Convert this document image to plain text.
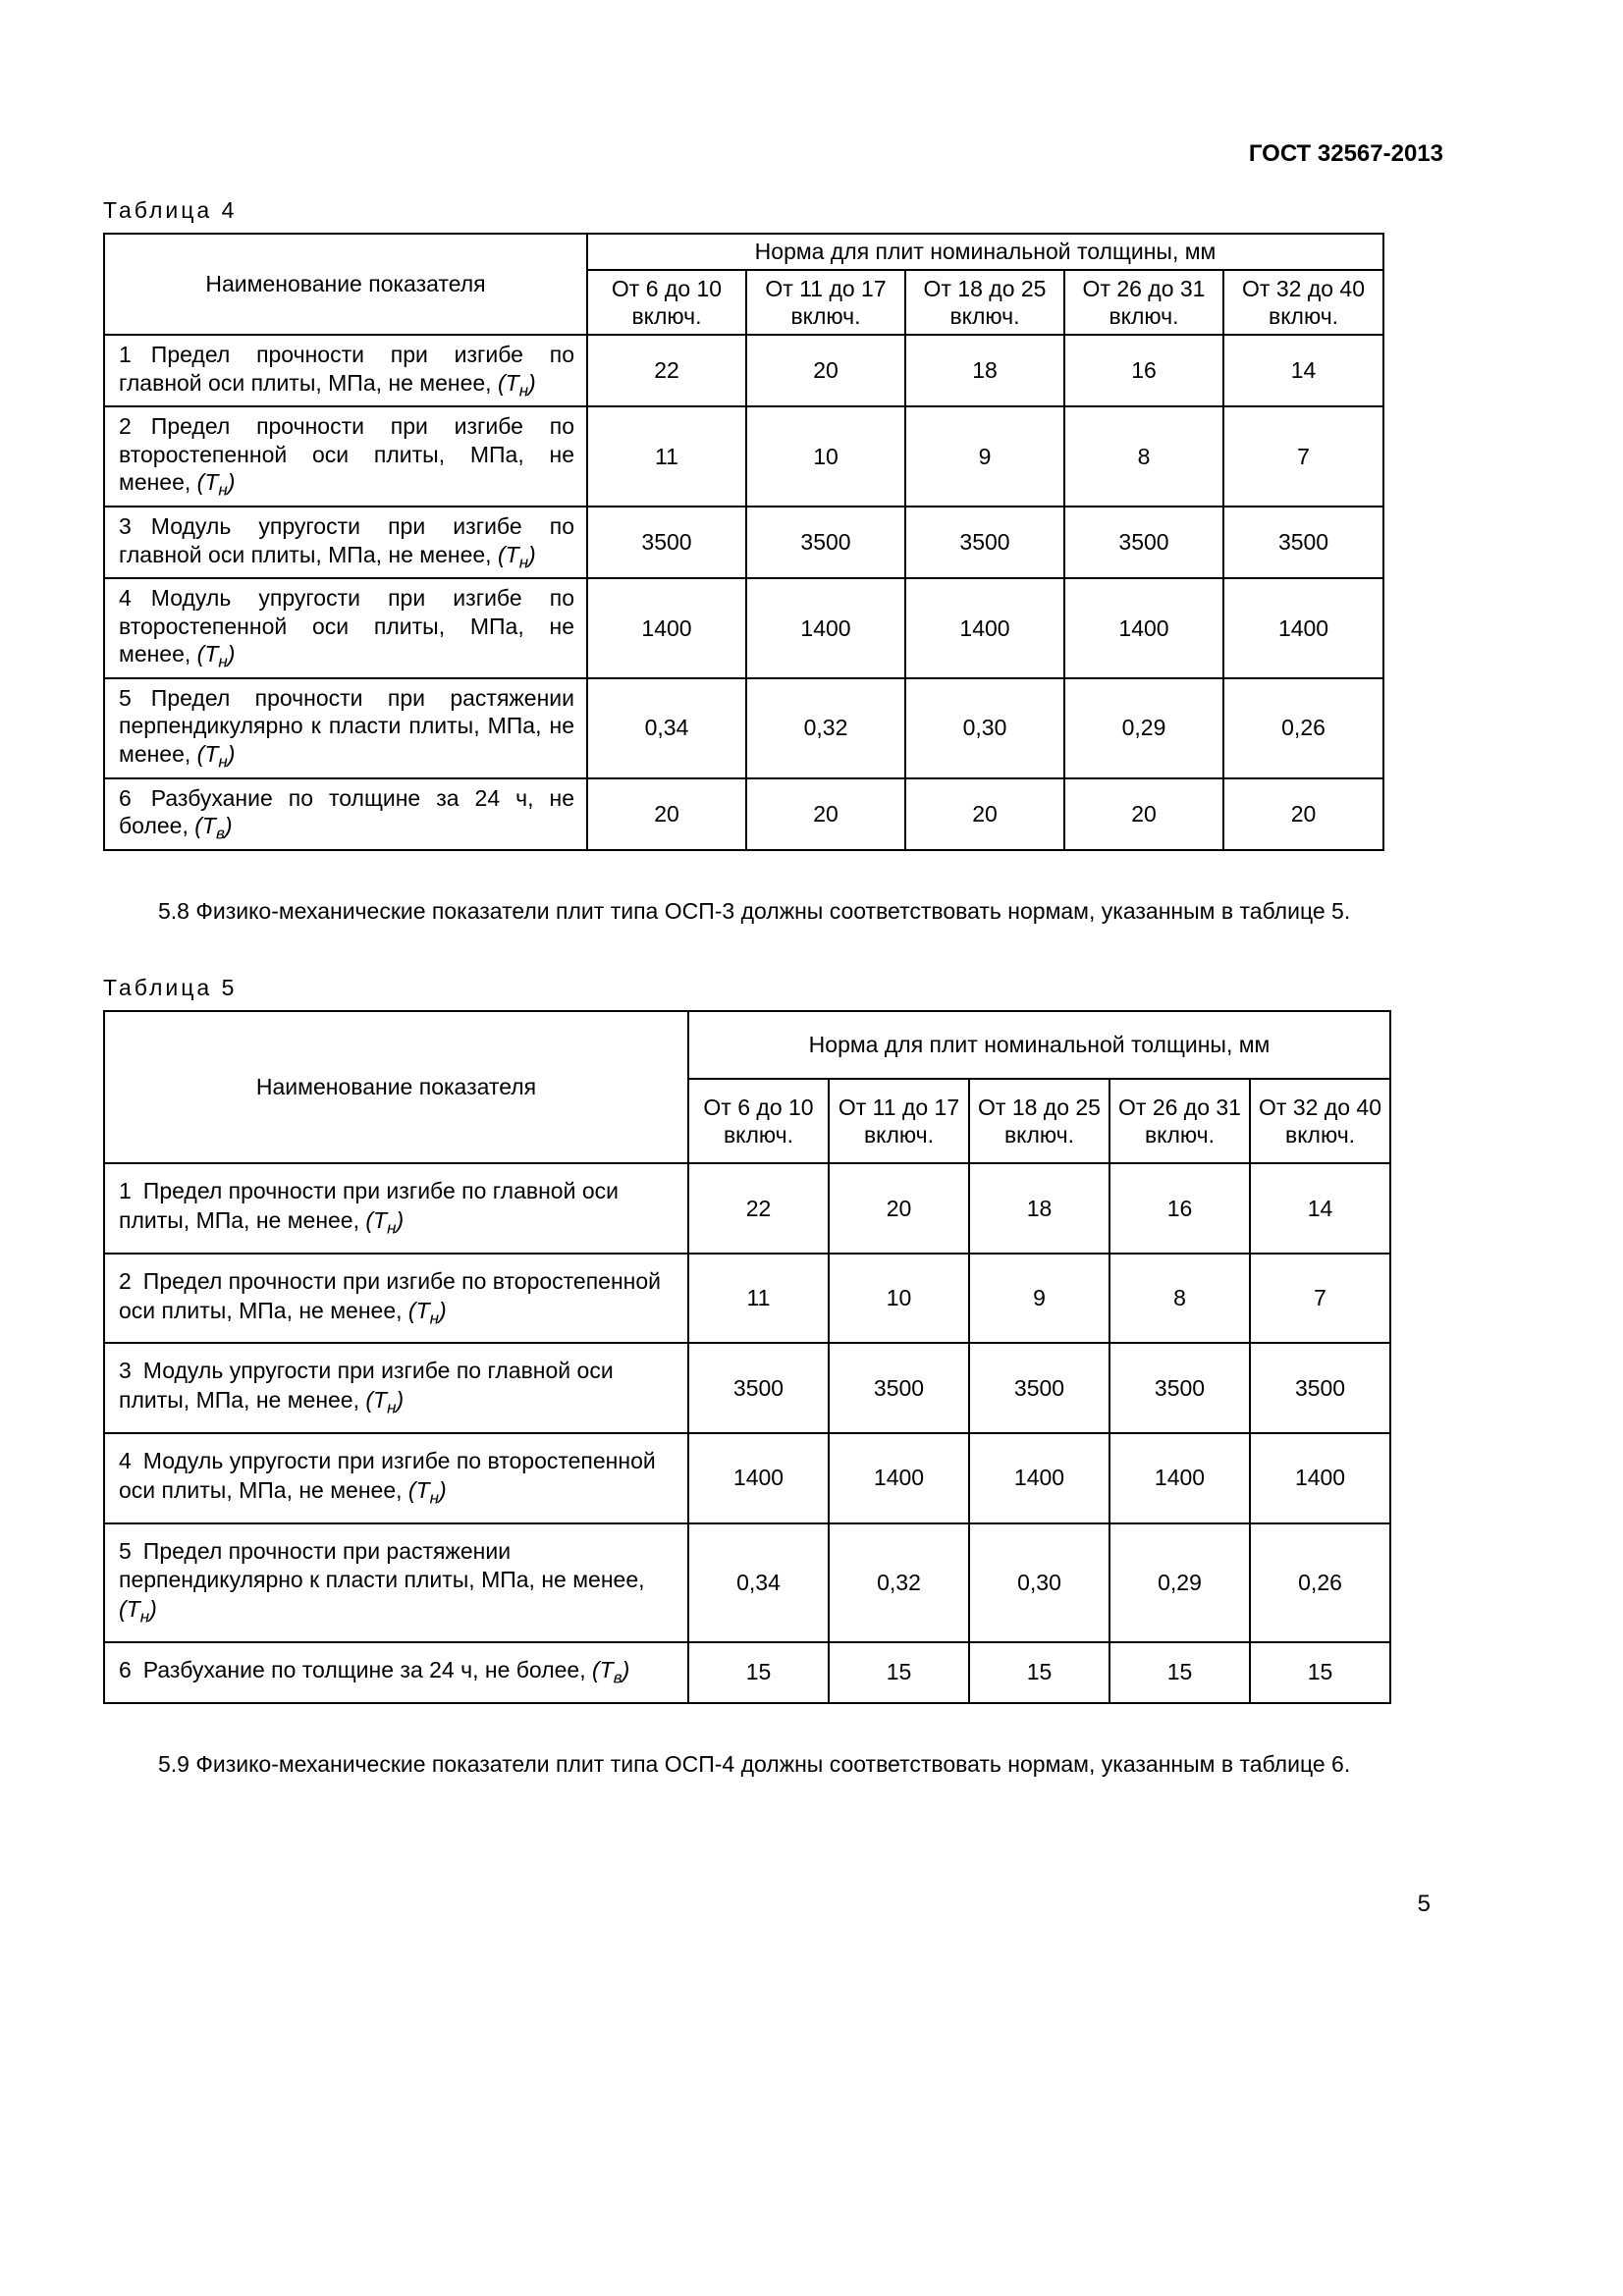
ГОСТ 32567-2013
Таблица 4
Наименование показателя	Норма для плит номинальной толщины, мм				
	От 6 до 10 включ.	От 11 до 17 включ.	От 18 до 25 включ.	От 26 до 31 включ.	От 32 до 40 включ.
1 Предел прочности при изгибе по главной оси плиты, МПа, не менее, $(Т_н)$	22	20	18	16	14
2 Предел прочности при изгибе по второстепенной оси плиты, МПа, не менее, $(Т_н)$	11	10	9	8	7
3 Модуль упругости при изгибе по главной оси плиты, МПа, не менее, $(Т_н)$	3500	3500	3500	3500	3500
4 Модуль упругости при изгибе по второстепенной оси плиты, МПа, не менее, $(Т_н)$	1400	1400	1400	1400	1400
5 Предел прочности при растяжении перпендикулярно к пласти плиты, МПа, не менее, $(Т_н)$	0,34	0,32	0,30	0,29	0,26
6 Разбухание по толщине за 24 ч, не более, $(Т_в)$	20	20	20	20	20

5.8 Физико-механические показатели плит типа ОСП-3 должны соответствовать нормам, указанным в таблице 5.

Таблица 5
Наименование показателя	Норма для плит номинальной толщины, мм				
	От 6 до 10 включ.	От 11 до 17 включ.	От 18 до 25 включ.	От 26 до 31 включ.	От 32 до 40 включ.
1 Предел прочности при изгибе по главной оси плиты, МПа, не менее, $(Т_н)$	22	20	18	16	14
2 Предел прочности при изгибе по второстепенной оси плиты, МПа, не менее, $(Т_н)$	11	10	9	8	7
3 Модуль упругости при изгибе по главной оси плиты, МПа, не менее, $(Т_н)$	3500	3500	3500	3500	3500
4 Модуль упругости при изгибе по второстепенной оси плиты, МПа, не менее, $(Т_н)$	1400	1400	1400	1400	1400
5 Предел прочности при растяжении перпендикулярно к пласти плиты, МПа, не менее, $(Т_н)$	0,34	0,32	0,30	0,29	0,26
6 Разбухание по толщине за 24 ч, не более, $(Т_в)$	15	15	15	15	15

5.9 Физико-механические показатели плит типа ОСП-4 должны соответствовать нормам, указанным в таблице 6.

5
